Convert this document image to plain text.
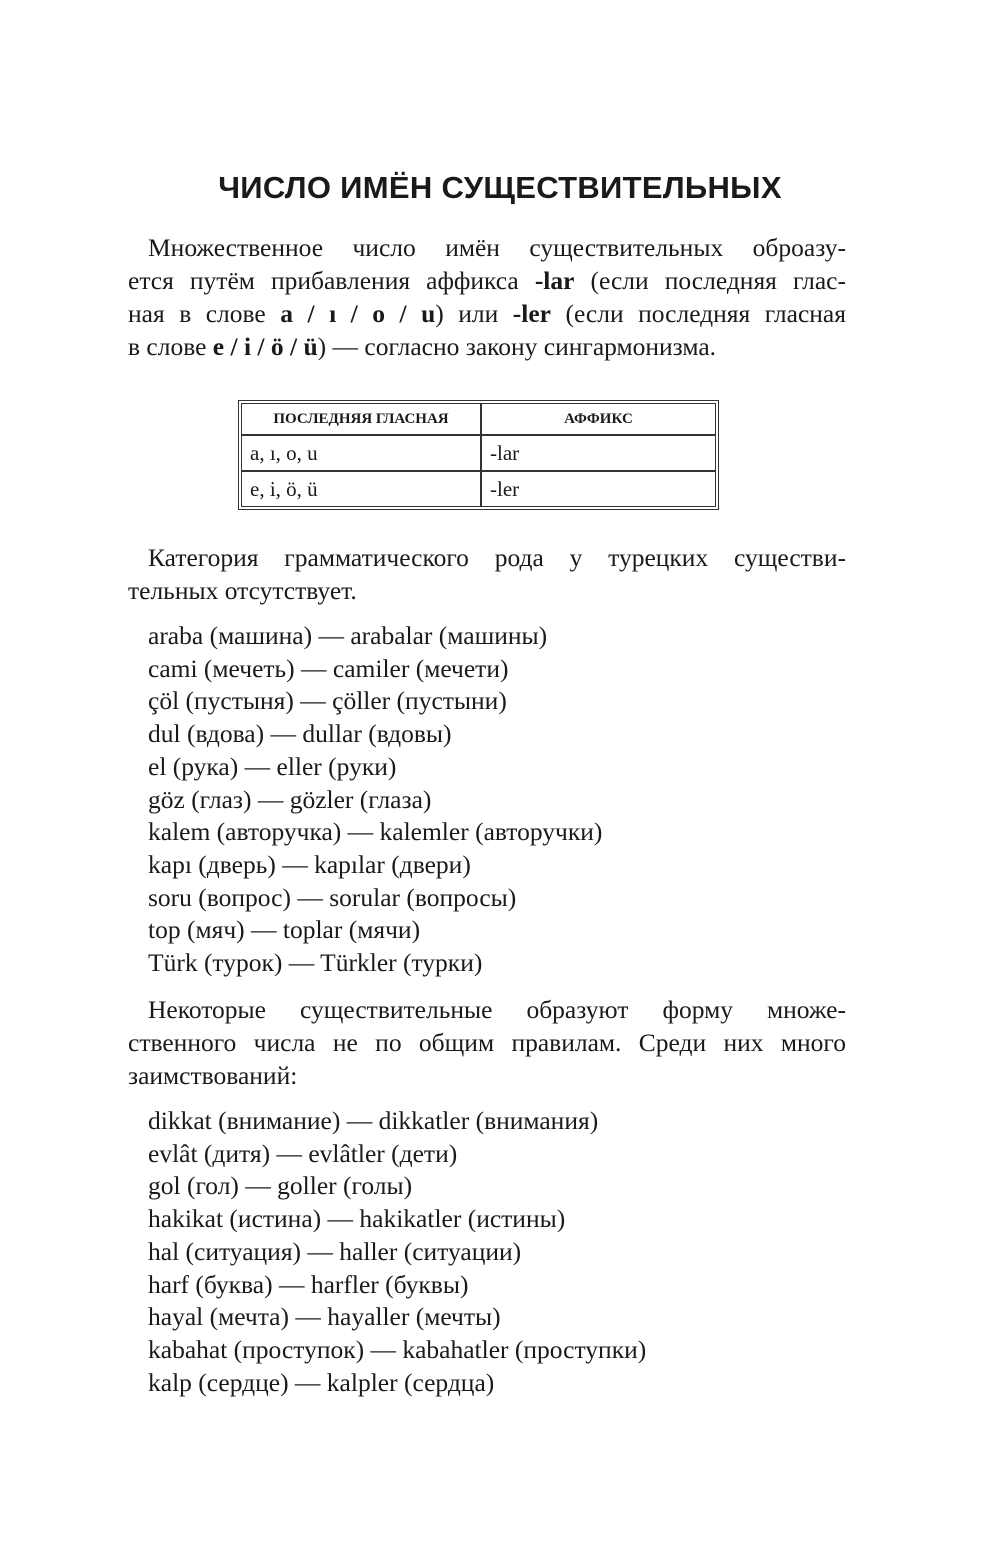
ЧИСЛО ИМЁН СУЩЕСТВИТЕЛЬНЫХ
Множественное число имён существительных оброазу-
ется путём прибавления аффикса -lar (если последняя глас-
ная в слове a / ı / o / u) или -ler (если последняя гласная
в слове e / i / ö / ü) — согласно закону сингармонизма.
ПОСЛЕДНЯЯ ГЛАСНАЯ	АФФИКС
a, ı, o, u	-lar
e, i, ö, ü	-ler
Категория грамматического рода у турецких существи-
тельных отсутствует.
araba (машина) — arabalar (машины)
cami (мечеть) — camiler (мечети)
çöl (пустыня) — çöller (пустыни)
dul (вдова) — dullar (вдовы)
el (рука) — eller (руки)
göz (глаз) — gözler (глаза)
kalem (авторучка) — kalemler (авторучки)
kapı (дверь) — kapılar (двери)
soru (вопрос) — sorular (вопросы)
top (мяч) — toplar (мячи)
Türk (турок) — Türkler (турки)
Некоторые существительные образуют форму множе-
ственного числа не по общим правилам. Среди них много
заимствований:
dikkat (внимание) — dikkatler (внимания)
evlât (дитя) — evlâtler (дети)
gol (гол) — goller (голы)
hakikat (истина) — hakikatler (истины)
hal (ситуация) — haller (ситуации)
harf (буква) — harfler (буквы)
hayal (мечта) — hayaller (мечты)
kabahat (проступок) — kabahatler (проступки)
kalp (сердце) — kalpler (сердца)
